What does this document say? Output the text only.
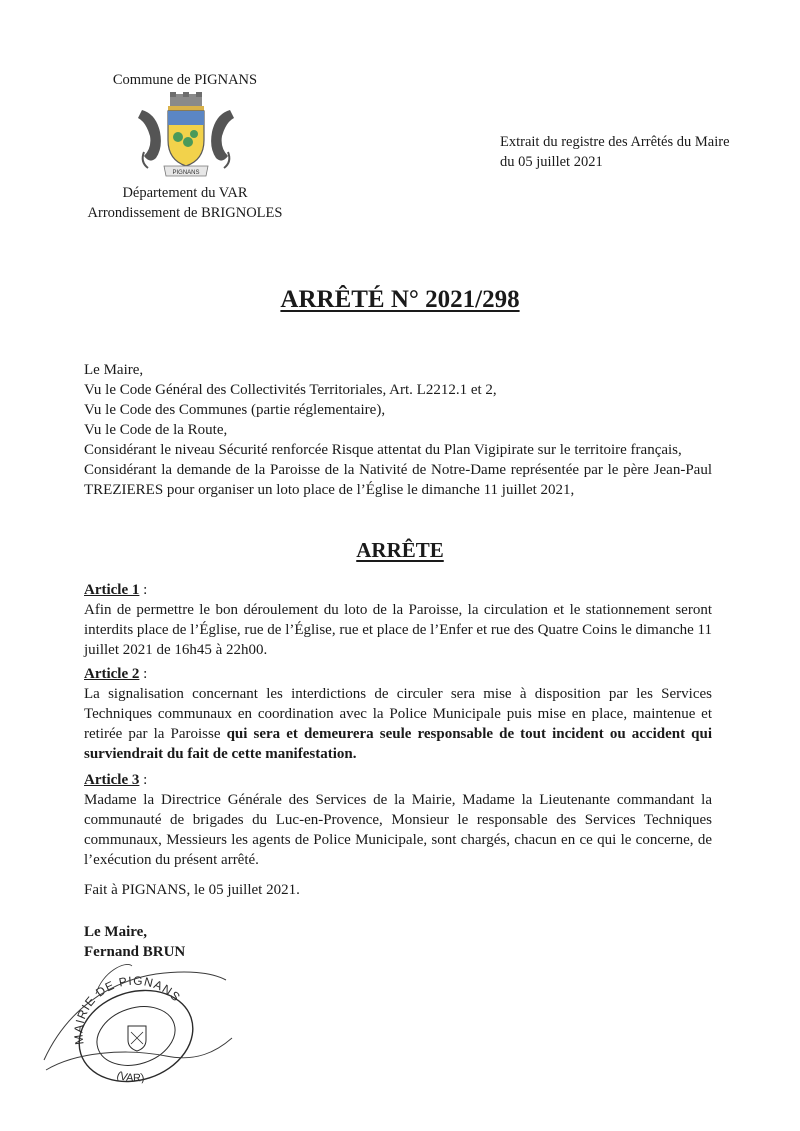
Commune de PIGNANS
PIGNANS
Département du VAR
Arrondissement de BRIGNOLES
Extrait du registre des Arrêtés du Maire
du 05 juillet 2021
ARRÊTÉ N° 2021/298
Le Maire,
Vu le Code Général des Collectivités Territoriales, Art. L2212.1 et 2,
Vu le Code des Communes (partie réglementaire),
Vu le Code de la Route,
Considérant le niveau Sécurité renforcée Risque attentat du Plan Vigipirate sur le territoire français,
Considérant la demande de la Paroisse de la Nativité de Notre-Dame représentée par le père Jean-Paul TREZIERES pour organiser un loto place de l’Église le dimanche 11 juillet 2021,
ARRÊTE
Article 1 :
Afin de permettre le bon déroulement du loto de la Paroisse, la circulation et le stationnement seront interdits place de l’Église, rue de l’Église, rue et place de l’Enfer et rue des Quatre Coins le dimanche 11 juillet 2021 de 16h45 à 22h00.
Article 2 :
La signalisation concernant les interdictions de circuler sera mise à disposition par les Services Techniques communaux en coordination avec la Police Municipale puis mise en place, maintenue et retirée par la Paroisse qui sera et demeurera seule responsable de tout incident ou accident qui surviendrait du fait de cette manifestation.
Article 3 :
Madame la Directrice Générale des Services de la Mairie, Madame la Lieutenante commandant la communauté de brigades du Luc-en-Provence, Monsieur le responsable des Services Techniques communaux, Messieurs les agents de Police Municipale, sont chargés, chacun en ce qui le concerne, de l’exécution du présent arrêté.
Fait à PIGNANS, le 05 juillet 2021.
Le Maire,
Fernand BRUN
MAIRIE DE PIGNANS
(VAR)
